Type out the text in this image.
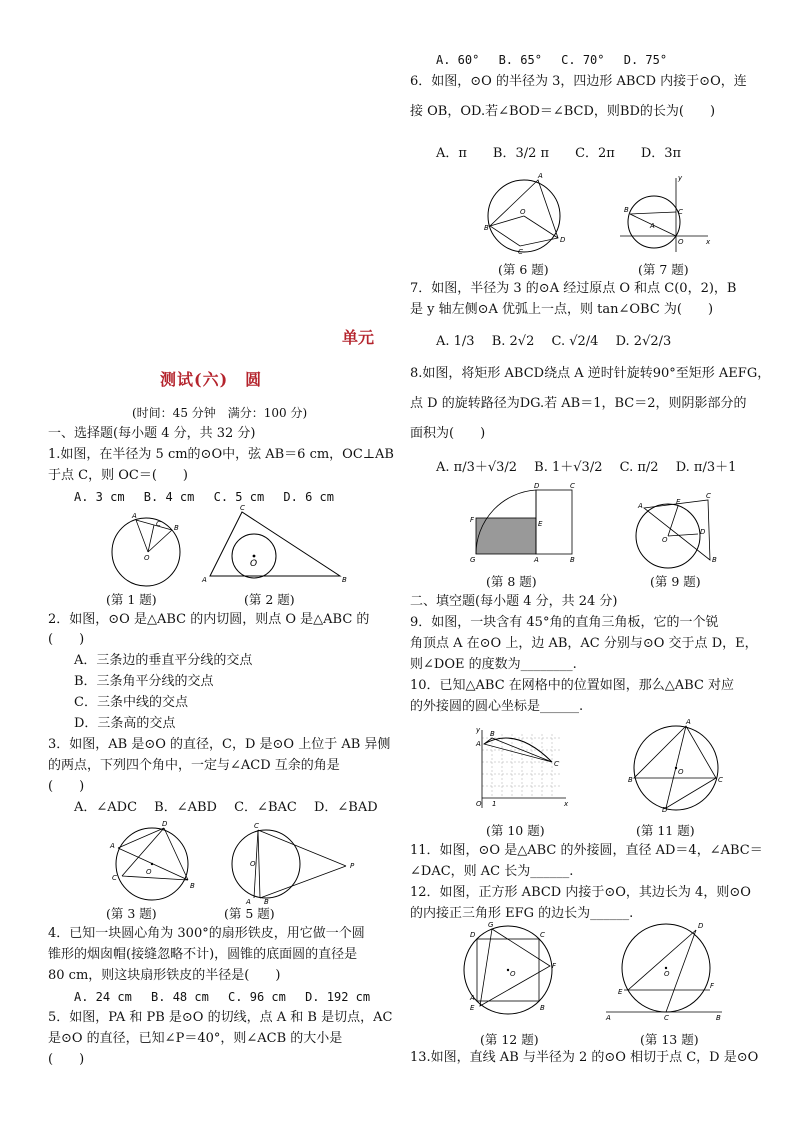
单元
测试(六)　圆
(时间：45 分钟　满分：100 分)
一、选择题(每小题 4 分，共 32 分)
1.如图，在半径为 5 cm的⊙O中，弦 AB＝6 cm，OC⊥AB
于点 C，则 OC＝(　　)
A. 3 cm　 B. 4 cm　 C. 5 cm　 D. 6 cm
A
B
C
O
(第 1 题)
A
C
B
O
(第 2 题)
2．如图，⊙O 是△ABC 的内切圆，则点 O 是△ABC 的
(　　)
A．三条边的垂直平分线的交点
B．三条角平分线的交点
C．三条中线的交点
D．三条高的交点
3．如图，AB 是⊙O 的直径，C，D 是⊙O 上位于 AB 异侧
的两点，下列四个角中，一定与∠ACD 互余的角是
(　　)
A．∠ADC　 B．∠ABD　 C．∠BAC　 D．∠BAD
D
A
C
B
O
(第 3 题)
C
P
O
A B
(第 5 题)
4．已知一块圆心角为 300°的扇形铁皮，用它做一个圆
锥形的烟囱帽(接缝忽略不计)，圆锥的底面圆的直径是
80 cm，则这块扇形铁皮的半径是(　　)
A. 24 cm　 B. 48 cm　 C. 96 cm　 D. 192 cm
5．如图，PA 和 PB 是⊙O 的切线，点 A 和 B 是切点，AC
是⊙O 的直径，已知∠P＝40°，则∠ACB 的大小是
(　　)
A. 60°　 B. 65°　 C. 70°　 D. 75°
6．如图，⊙O 的半径为 3，四边形 ABCD 内接于⊙O，连
接 OB，OD.若∠BOD＝∠BCD，则BD的长为(　　)
A．π　　B．3/2 π　　C．2π　　D．3π
A
B
C
D
O
(第 6 题)
y
x
B	C
A
O
(第 7 题)
7．如图，半径为 3 的⊙A 经过原点 O 和点 C(0，2)，B
是 y 轴左侧⊙A 优弧上一点，则 tan∠OBC 为(　　)
A. 1/3　 B. 2√2　 C. √2/4　 D. 2√2/3
8.如图，将矩形 ABCD绕点 A 逆时针旋转90°至矩形 AEFG，
点 D 的旋转路径为DG.若 AB＝1，BC＝2，则阴影部分的
面积为(　　)
A. π/3＋√3/2　 B. 1＋√3/2　 C. π/2　 D. π/3＋1
D	C
E
F
G	A	B
(第 8 题)
A
C
B
E
D
O
(第 9 题)
二、填空题(每小题 4 分，共 24 分)
9．如图，一块含有 45°角的直角三角板，它的一个锐
角顶点 A 在⊙O 上，边 AB，AC 分别与⊙O 交于点 D，E，
则∠DOE 的度数为________.
10．已知△ABC 在网格中的位置如图，那么△ABC 对应
的外接圆的圆心坐标是______.
y
x
A
B
C
O 1
(第 10 题)
A
B	C
D
O
(第 11 题)
11．如图，⊙O 是△ABC 的外接圆，直径 AD＝4，∠ABC＝
∠DAC，则 AC 长为______.
12．如图，正方形 ABCD 内接于⊙O，其边长为 4，则⊙O
的内接正三角形 EFG 的边长为______.
G
C
D
F
E
A
B
O
(第 12 题)
D
E
F
O
A	B
C
(第 13 题)
13.如图，直线 AB 与半径为 2 的⊙O 相切于点 C，D 是⊙O
